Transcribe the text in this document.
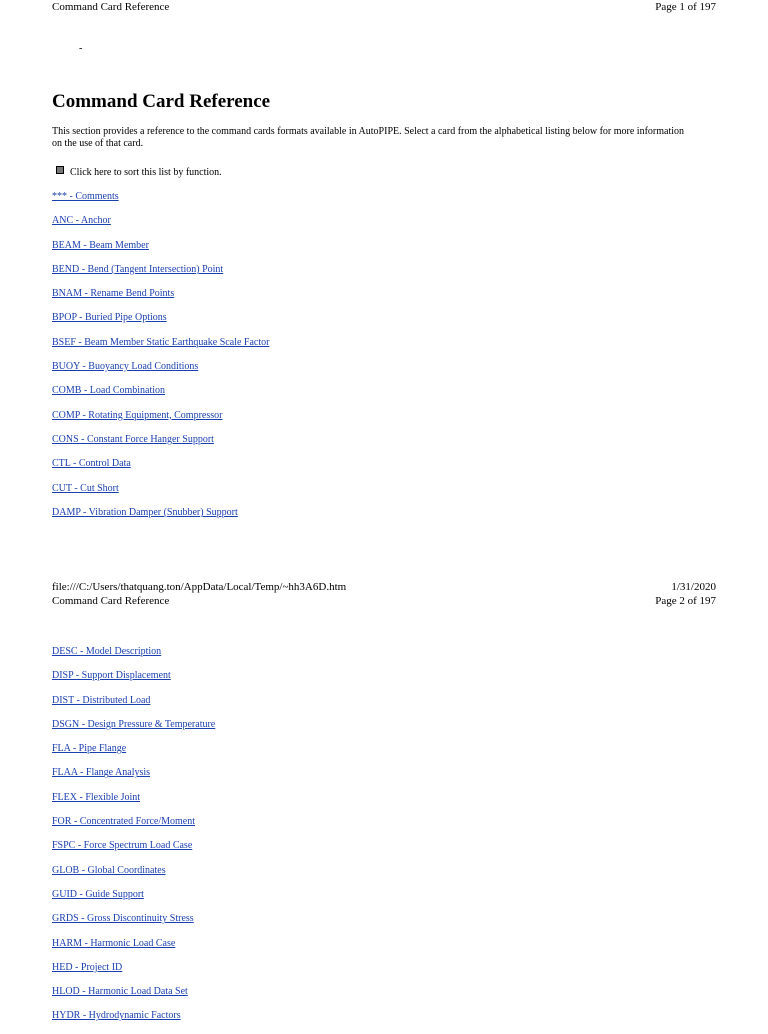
Command Card Reference	Page 1 of 197
-
Command Card Reference

This section provides a reference to the command cards formats available in AutoPIPE. Select a card from the alphabetical listing below for more information on the use of that card.

Click here to sort this list by function.
*** - Comments
ANC - Anchor
BEAM - Beam Member
BEND - Bend (Tangent Intersection) Point
BNAM - Rename Bend Points
BPOP - Buried Pipe Options
BSEF - Beam Member Static Earthquake Scale Factor
BUOY - Buoyancy Load Conditions
COMB - Load Combination
COMP - Rotating Equipment, Compressor
CONS - Constant Force Hanger Support
CTL - Control Data
CUT - Cut Short
DAMP - Vibration Damper (Snubber) Support
file:///C:/Users/thatquang.ton/AppData/Local/Temp/~hh3A6D.htm	1/31/2020
Command Card Reference	Page 2 of 197
DESC - Model Description
DISP - Support Displacement
DIST - Distributed Load
DSGN - Design Pressure & Temperature
FLA - Pipe Flange
FLAA - Flange Analysis
FLEX - Flexible Joint
FOR - Concentrated Force/Moment
FSPC - Force Spectrum Load Case
GLOB - Global Coordinates
GUID - Guide Support
GRDS - Gross Discontinuity Stress
HARM - Harmonic Load Case
HED - Project ID
HLOD - Harmonic Load Data Set
HYDR - Hydrodynamic Factors
